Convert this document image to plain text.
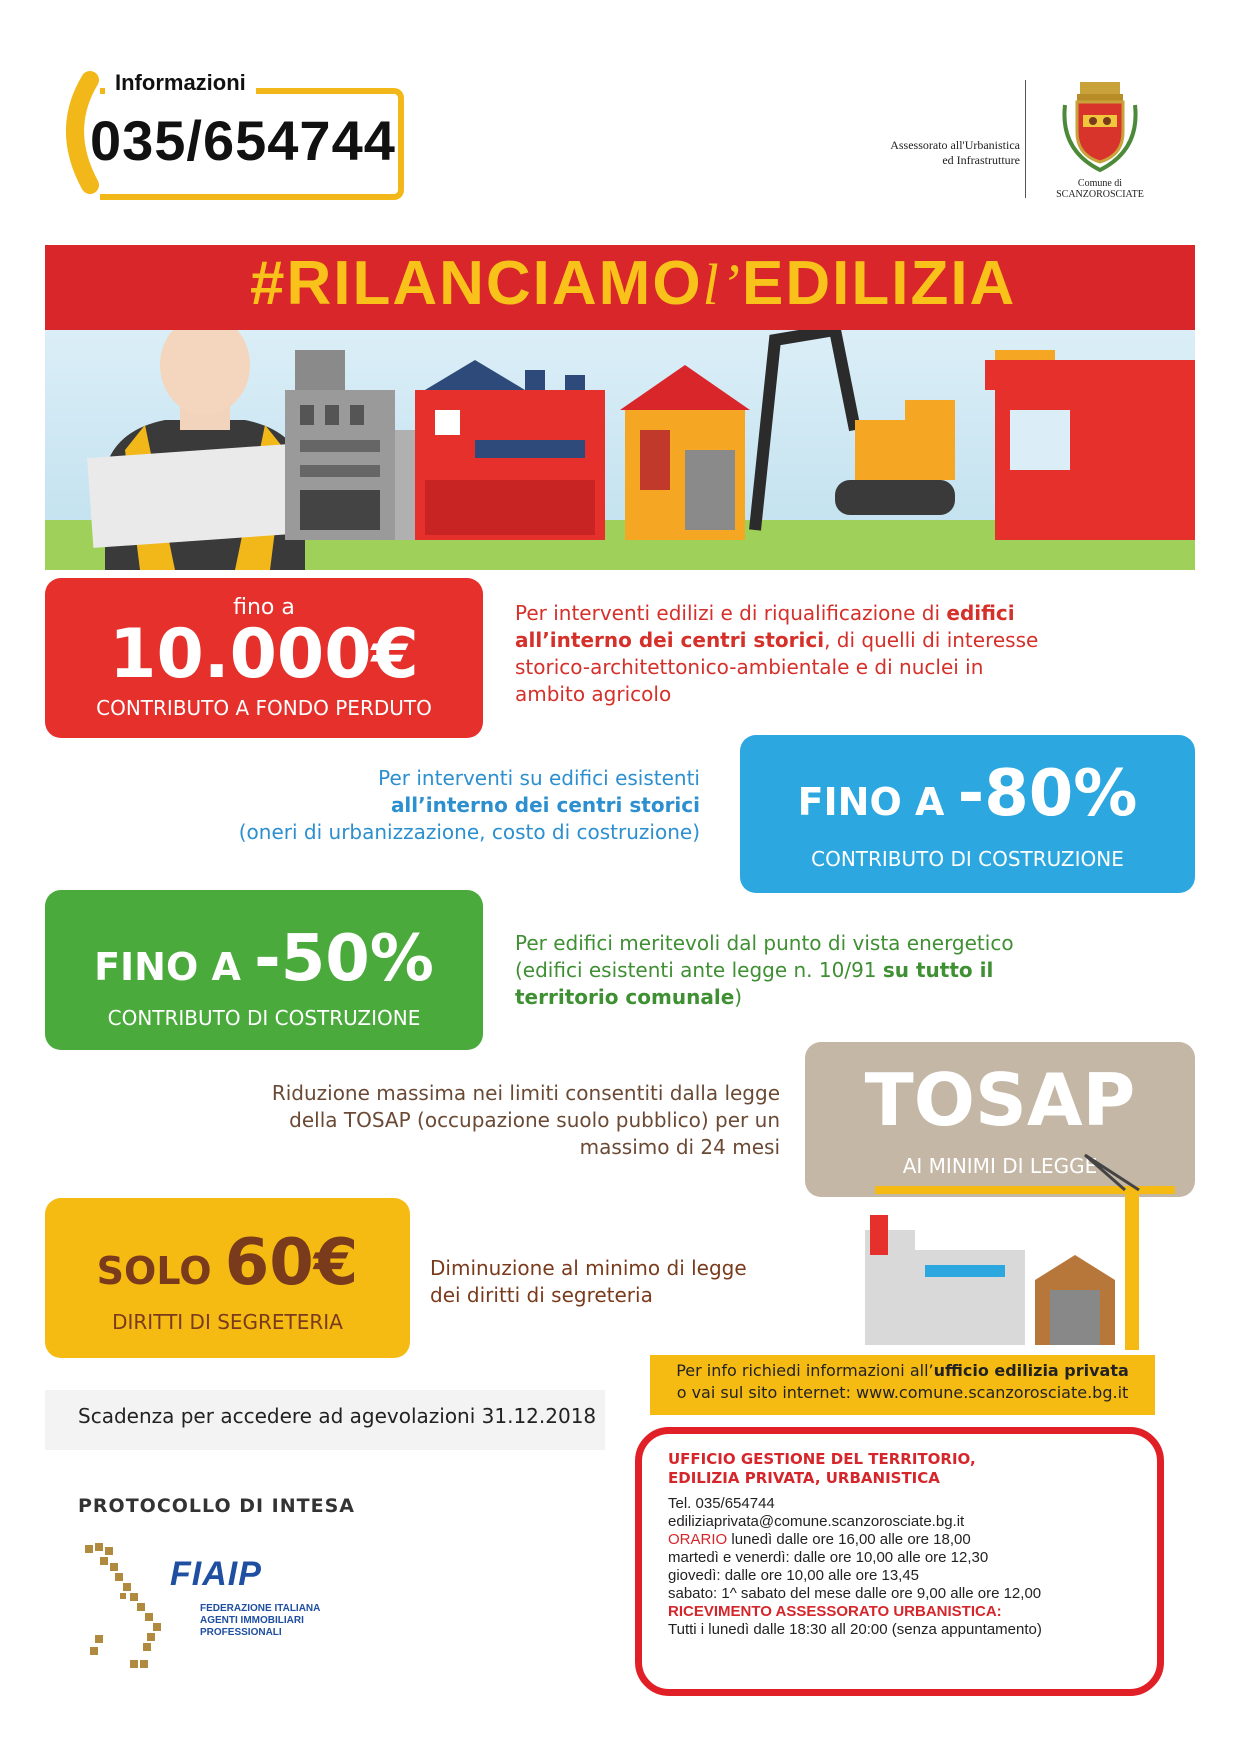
Informazioni
035/654744	Assessorato all'Urbanistica
ed Infrastrutture
Comune di
SCANZOROSCIATE
#RILANCIAMOl’EDILIZIA
fino a
10.000€
CONTRIBUTO A FONDO PERDUTO
Per interventi edilizi e di riqualificazione di edifici all’interno dei centri storici, di quelli di interesse storico-architettonico-ambientale e di nuclei in ambito agricolo
Per interventi su edifici esistenti
all’interno dei centri storici
(oneri di urbanizzazione, costo di costruzione)
FINO A -80%
CONTRIBUTO DI COSTRUZIONE
FINO A -50%
CONTRIBUTO DI COSTRUZIONE
Per edifici meritevoli dal punto di vista energetico (edifici esistenti ante legge n. 10/91 su tutto il territorio comunale)
Riduzione massima nei limiti consentiti dalla legge
della TOSAP (occupazione suolo pubblico) per un
massimo di 24 mesi
TOSAP
AI MINIMI DI LEGGE
SOLO 60€
DIRITTI DI SEGRETERIA
Diminuzione al minimo di legge
dei diritti di segreteria
Per info richiedi informazioni all’ufficio edilizia privata
o vai sul sito internet: www.comune.scanzorosciate.bg.it
Scadenza per accedere ad agevolazioni 31.12.2018
PROTOCOLLO DI INTESA
FIAIP
FEDERAZIONE ITALIANA
AGENTI IMMOBILIARI
PROFESSIONALI
UFFICIO GESTIONE DEL TERRITORIO,
EDILIZIA PRIVATA, URBANISTICA
Tel. 035/654744
ediliziaprivata@comune.scanzorosciate.bg.it
ORARIO lunedì dalle ore 16,00 alle ore 18,00
martedì e venerdì: dalle ore 10,00 alle ore 12,30
giovedì: dalle ore 10,00 alle ore 13,45
sabato: 1^ sabato del mese dalle ore 9,00 alle ore 12,00
RICEVIMENTO ASSESSORATO URBANISTICA:
Tutti i lunedì dalle 18:30 all 20:00 (senza appuntamento)
